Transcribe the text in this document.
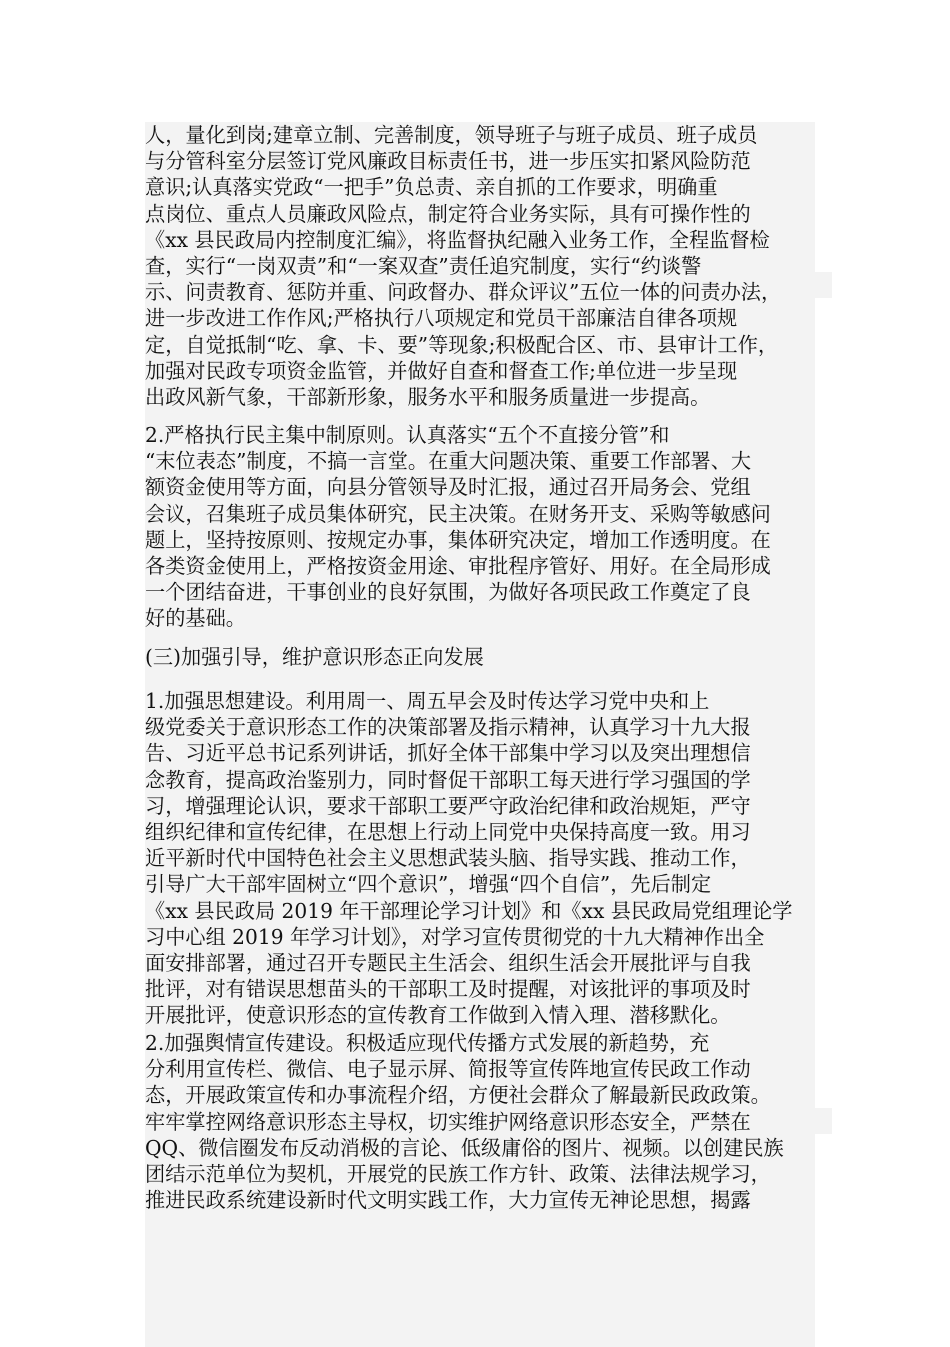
人，量化到岗;建章立制、完善制度，领导班子与班子成员、班子成员
与分管科室分层签订党风廉政目标责任书，进一步压实扣紧风险防范
意识;认真落实党政“一把手”负总责、亲自抓的工作要求，明确重
点岗位、重点人员廉政风险点，制定符合业务实际，具有可操作性的
《xx 县民政局内控制度汇编》，将监督执纪融入业务工作，全程监督检
查，实行“一岗双责”和“一案双查”责任追究制度，实行“约谈警
示、问责教育、惩防并重、问政督办、群众评议”五位一体的问责办法，
进一步改进工作作风;严格执行八项规定和党员干部廉洁自律各项规
定，自觉抵制“吃、拿、卡、要”等现象;积极配合区、市、县审计工作，
加强对民政专项资金监管，并做好自查和督查工作;单位进一步呈现
出政风新气象，干部新形象，服务水平和服务质量进一步提高。
2.严格执行民主集中制原则。认真落实“五个不直接分管”和
“末位表态”制度，不搞一言堂。在重大问题决策、重要工作部署、大
额资金使用等方面，向县分管领导及时汇报，通过召开局务会、党组
会议，召集班子成员集体研究，民主决策。在财务开支、采购等敏感问
题上，坚持按原则、按规定办事，集体研究决定，增加工作透明度。在
各类资金使用上，严格按资金用途、审批程序管好、用好。在全局形成
一个团结奋进，干事创业的良好氛围，为做好各项民政工作奠定了良
好的基础。
(三)加强引导，维护意识形态正向发展
1.加强思想建设。利用周一、周五早会及时传达学习党中央和上
级党委关于意识形态工作的决策部署及指示精神，认真学习十九大报
告、习近平总书记系列讲话，抓好全体干部集中学习以及突出理想信
念教育，提高政治鉴别力，同时督促干部职工每天进行学习强国的学
习，增强理论认识，要求干部职工要严守政治纪律和政治规矩，严守
组织纪律和宣传纪律，在思想上行动上同党中央保持高度一致。用习
近平新时代中国特色社会主义思想武装头脑、指导实践、推动工作，
引导广大干部牢固树立“四个意识”，增强“四个自信”，先后制定
《xx 县民政局 2019 年干部理论学习计划》和《xx 县民政局党组理论学
习中心组 2019 年学习计划》，对学习宣传贯彻党的十九大精神作出全
面安排部署，通过召开专题民主生活会、组织生活会开展批评与自我
批评，对有错误思想苗头的干部职工及时提醒，对该批评的事项及时
开展批评，使意识形态的宣传教育工作做到入情入理、潜移默化。
2.加强舆情宣传建设。积极适应现代传播方式发展的新趋势，充
分利用宣传栏、微信、电子显示屏、简报等宣传阵地宣传民政工作动
态，开展政策宣传和办事流程介绍，方便社会群众了解最新民政政策。
牢牢掌控网络意识形态主导权，切实维护网络意识形态安全，严禁在
QQ、微信圈发布反动消极的言论、低级庸俗的图片、视频。以创建民族
团结示范单位为契机，开展党的民族工作方针、政策、法律法规学习，
推进民政系统建设新时代文明实践工作，大力宣传无神论思想，揭露
